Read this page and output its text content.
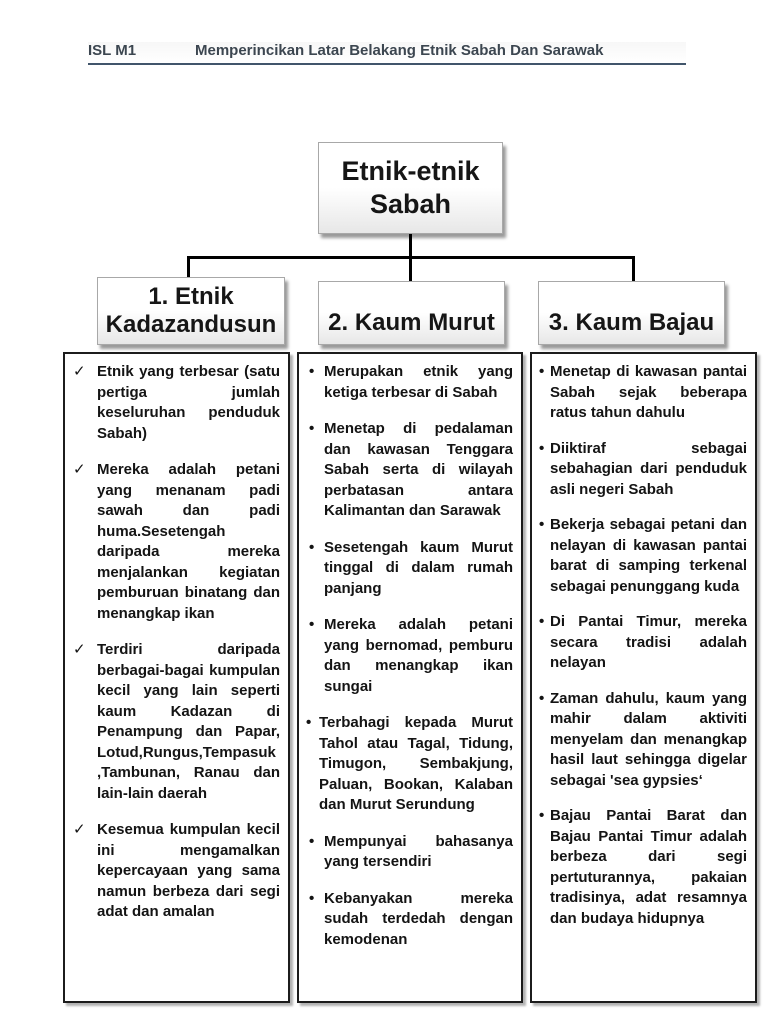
ISL M1	Memperincikan Latar Belakang Etnik Sabah Dan Sarawak
Etnik-etnik
Sabah
1. Etnik Kadazandusun	2. Kaum Murut	3. Kaum Bajau
✓ Etnik yang terbesar (satu pertiga jumlah keseluruhan penduduk Sabah)
✓ Mereka adalah petani yang menanam padi sawah dan padi huma.Sesetengah daripada mereka menjalankan kegiatan pemburuan binatang dan menangkap ikan
✓ Terdiri daripada berbagai-bagai kumpulan kecil yang lain seperti kaum Kadazan di Penampung dan Papar, Lotud,Rungus,Tempasuk ,Tambunan, Ranau dan lain-lain daerah
✓ Kesemua kumpulan kecil ini mengamalkan kepercayaan yang sama namun berbeza dari segi adat dan amalan
• Merupakan etnik yang ketiga terbesar di Sabah
• Menetap di pedalaman dan kawasan Tenggara Sabah serta di wilayah perbatasan antara Kalimantan dan Sarawak
• Sesetengah kaum Murut tinggal di dalam rumah panjang
• Mereka adalah petani yang bernomad, pemburu dan menangkap ikan sungai
• Terbahagi kepada Murut Tahol atau Tagal, Tidung, Timugon, Sembakjung, Paluan, Bookan, Kalaban dan Murut Serundung
• Mempunyai bahasanya yang tersendiri
• Kebanyakan mereka sudah terdedah dengan kemodenan
• Menetap di kawasan pantai Sabah sejak beberapa ratus tahun dahulu
• Diiktiraf sebagai sebahagian dari penduduk asli negeri Sabah
• Bekerja sebagai petani dan nelayan di kawasan pantai barat di samping terkenal sebagai penunggang kuda
• Di Pantai Timur, mereka secara tradisi adalah nelayan
• Zaman dahulu, kaum yang mahir dalam aktiviti menyelam dan menangkap hasil laut sehingga digelar sebagai 'sea gypsies‘
• Bajau Pantai Barat dan Bajau Pantai Timur adalah berbeza dari segi pertuturannya, pakaian tradisinya, adat resamnya dan budaya hidupnya
